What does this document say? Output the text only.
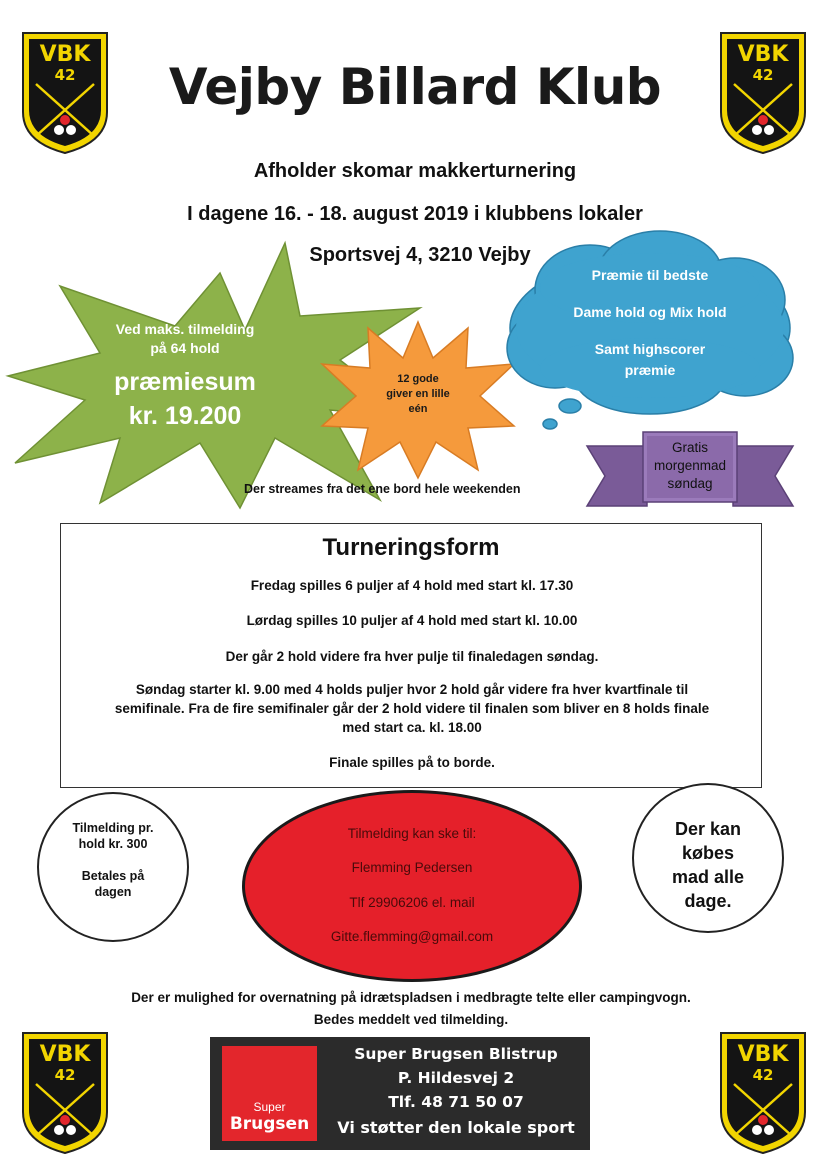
VBK
42
VBK
42
VBK
42
VBK
42
Vejby Billard Klub
Afholder skomar makkerturnering
I dagene 16. - 18. august 2019 i klubbens lokaler
Sportsvej 4, 3210 Vejby
Ved maks. tilmelding
på 64 hold
præmiesum
kr. 19.200
12 gode
giver en lille
eén
Præmie til bedste
Dame hold og Mix hold
Samt highscorer
præmie
Gratis
morgenmad
søndag
Der streames fra det ene bord hele weekenden
Turneringsform
Fredag spilles 6 puljer af 4 hold med start kl. 17.30
Lørdag spilles 10 puljer af 4 hold med start kl. 10.00
Der går 2 hold videre fra hver pulje til finaledagen søndag.
Søndag starter kl. 9.00 med 4 holds puljer hvor 2 hold går videre fra hver kvartfinale til
semifinale. Fra de fire semifinaler går der 2 hold videre til finalen som bliver en 8 holds finale
med start ca. kl. 18.00
Finale spilles på to borde.
Tilmelding pr.
hold kr. 300
Betales på
dagen
Tilmelding kan ske til:
Flemming Pedersen
Tlf 29906206 el. mail
Gitte.flemming@gmail.com
Der kan
købes
mad alle
dage.
Der er mulighed for overnatning på idrætspladsen i medbragte telte eller campingvogn.
Bedes meddelt ved tilmelding.
Super
Brugsen
Super Brugsen Blistrup
P. Hildesvej 2
Tlf. 48 71 50 07
Vi støtter den lokale sport
